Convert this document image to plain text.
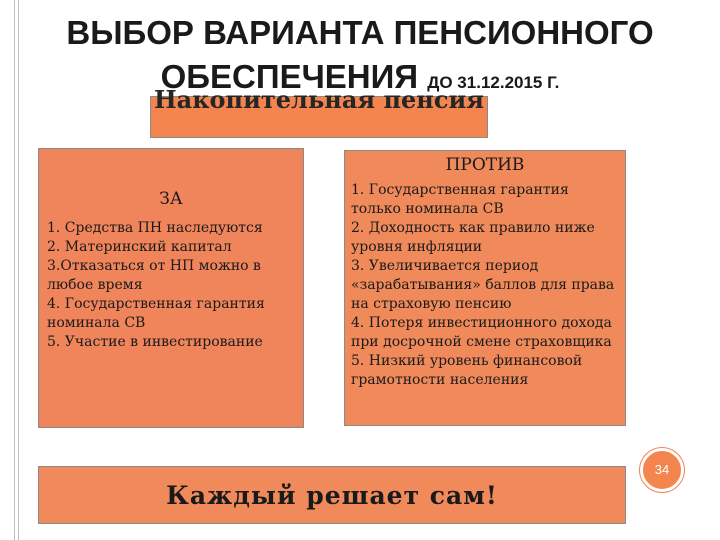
ВЫБОР ВАРИАНТА ПЕНСИОННОГО
ОБЕСПЕЧЕНИЯ ДО 31.12.2015 Г.
Накопительная пенсия
ЗА
1. Средства ПН наследуются
2. Материнский капитал
3.Отказаться от НП можно в любое время
4. Государственная гарантия номинала СВ
5. Участие в инвестирование
ПРОТИВ
1. Государственная гарантия только номинала СВ
2. Доходность как правило ниже уровня инфляции
3. Увеличивается период «зарабатывания» баллов для права на страховую пенсию
4. Потеря инвестиционного дохода при досрочной смене страховщика
5. Низкий уровень финансовой грамотности населения
Каждый решает сам!
34
